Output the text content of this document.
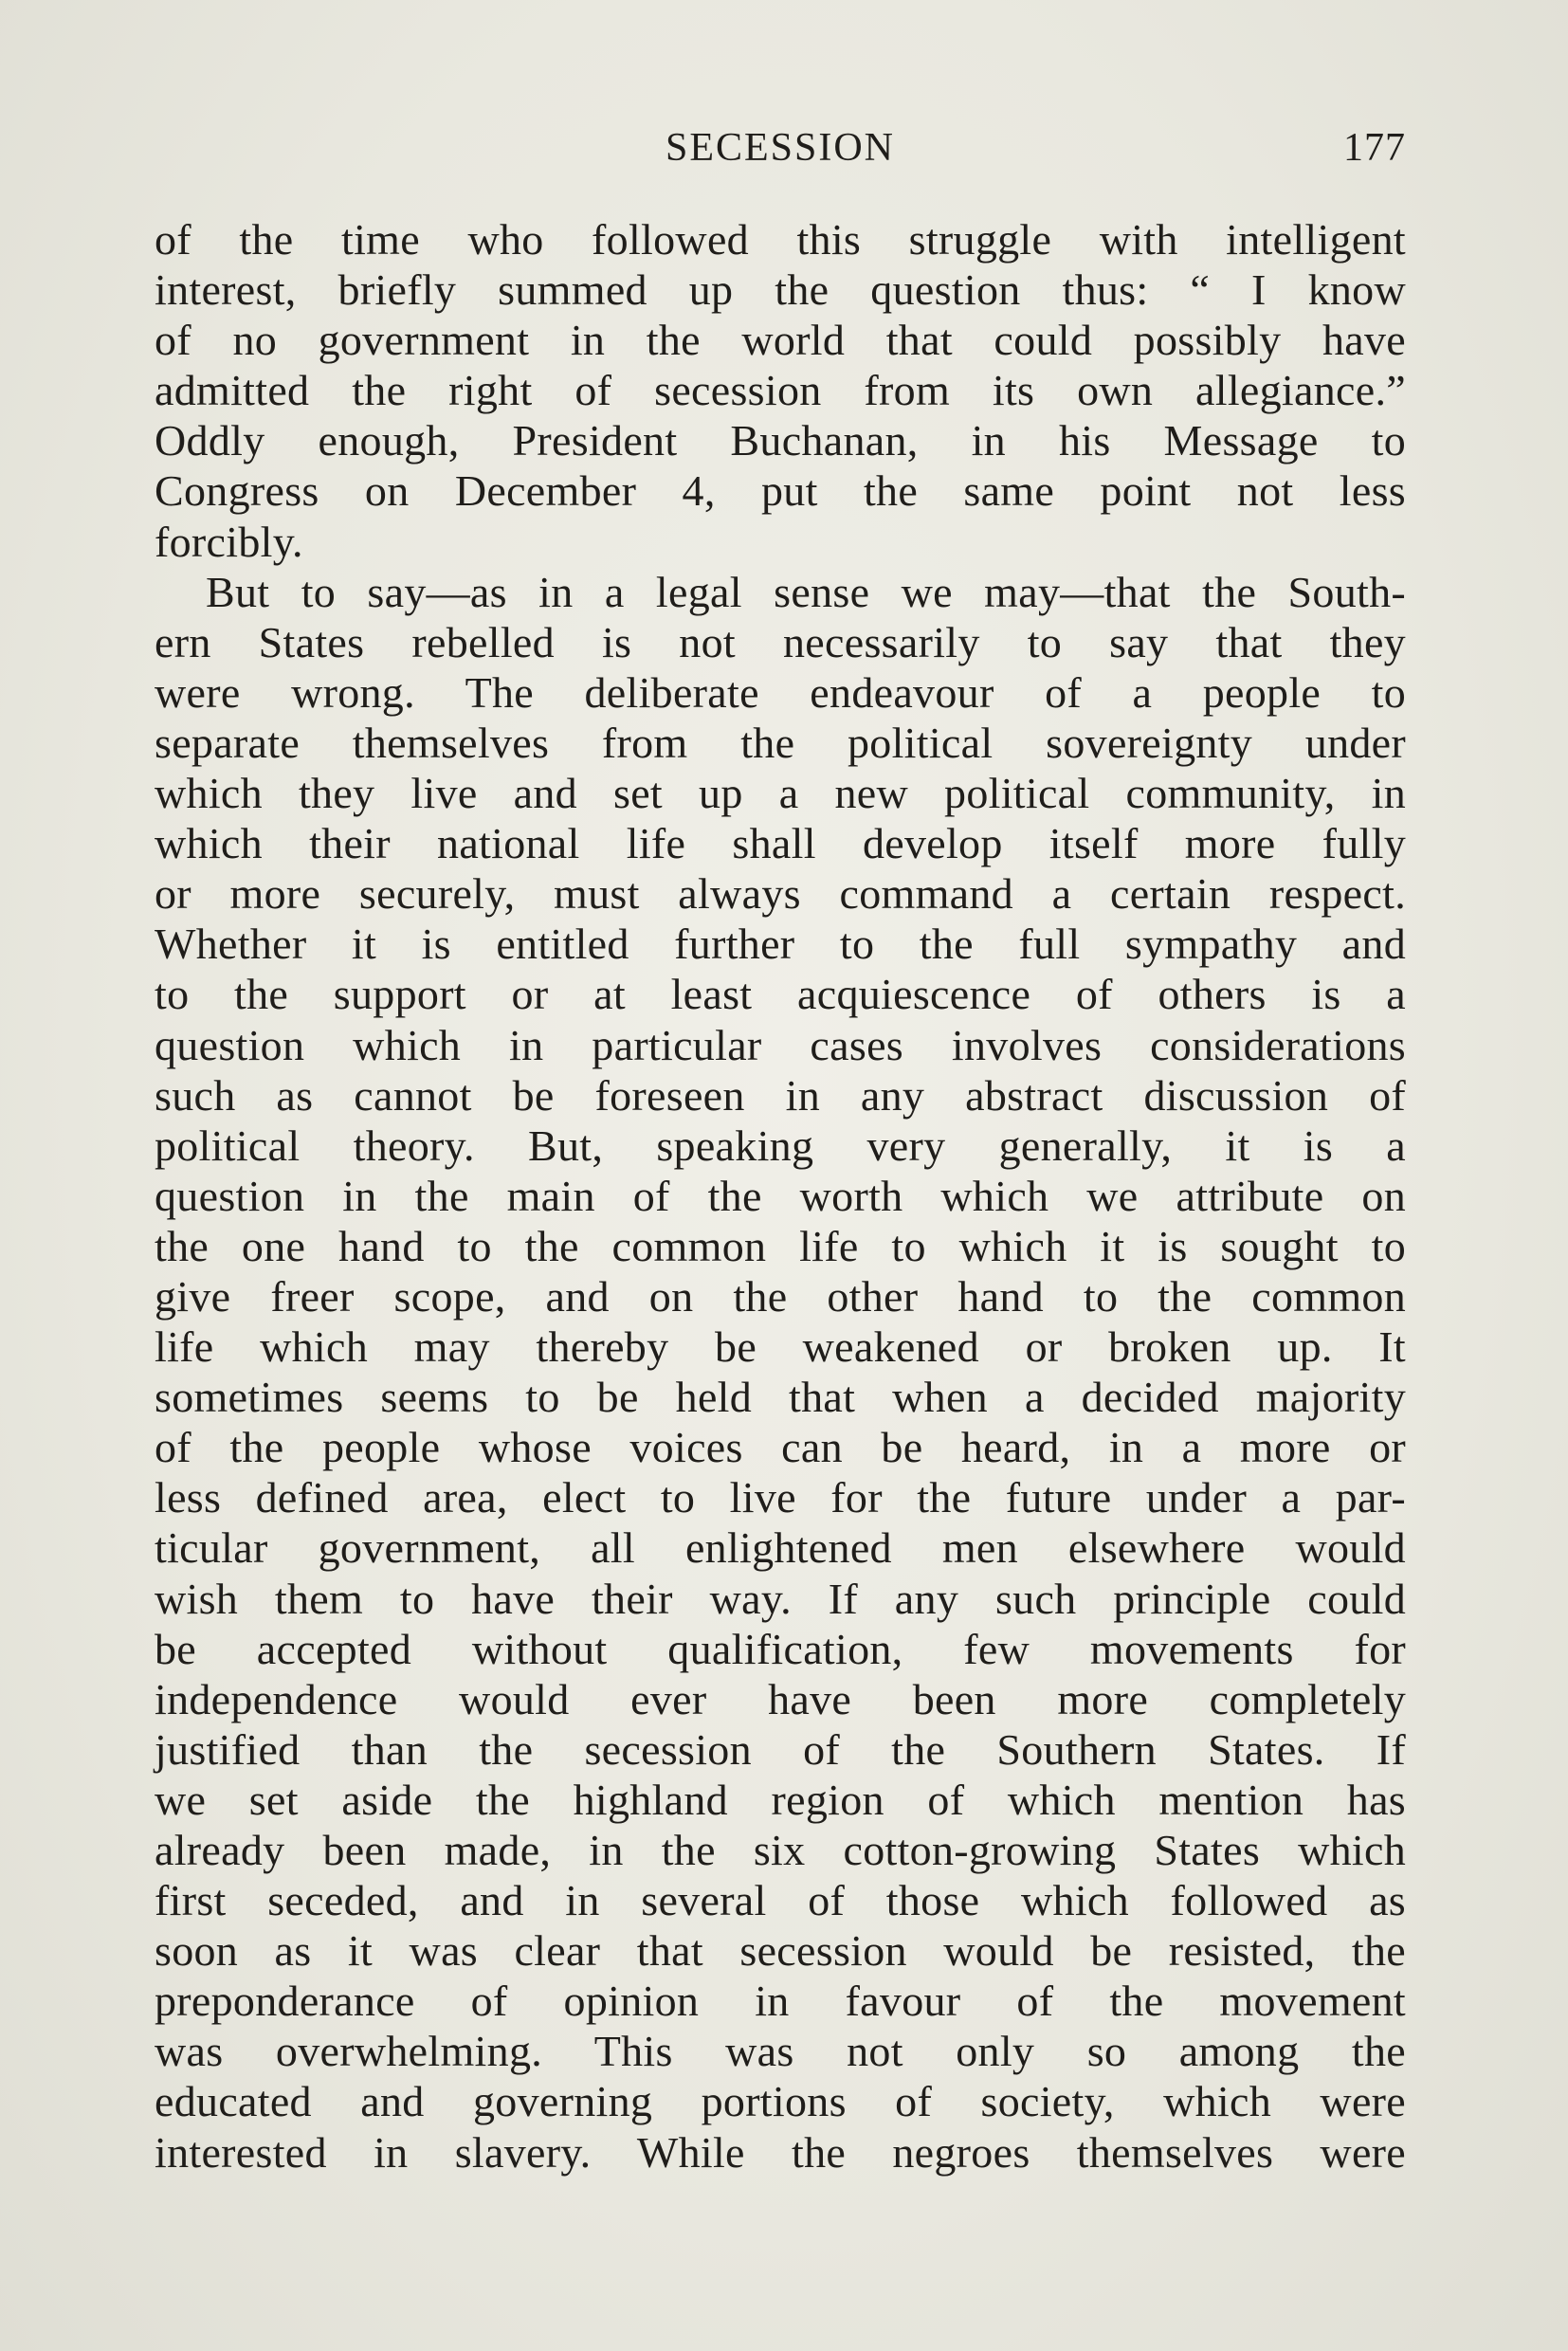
SECESSION	177
of the time who followed this struggle with intelligent
interest, briefly summed up the question thus: “ I know
of no government in the world that could possibly have
admitted the right of secession from its own allegiance.”
Oddly enough, President Buchanan, in his Message to
Congress on December 4, put the same point not less
forcibly.
But to say—as in a legal sense we may—that the South-
ern States rebelled is not necessarily to say that they
were wrong. The deliberate endeavour of a people to
separate themselves from the political sovereignty under
which they live and set up a new political community, in
which their national life shall develop itself more fully
or more securely, must always command a certain respect.
Whether it is entitled further to the full sympathy and
to the support or at least acquiescence of others is a
question which in particular cases involves considerations
such as cannot be foreseen in any abstract discussion of
political theory. But, speaking very generally, it is a
question in the main of the worth which we attribute on
the one hand to the common life to which it is sought to
give freer scope, and on the other hand to the common
life which may thereby be weakened or broken up. It
sometimes seems to be held that when a decided majority
of the people whose voices can be heard, in a more or
less defined area, elect to live for the future under a par-
ticular government, all enlightened men elsewhere would
wish them to have their way. If any such principle could
be accepted without qualification, few movements for
independence would ever have been more completely
justified than the secession of the Southern States. If
we set aside the highland region of which mention has
already been made, in the six cotton-growing States which
first seceded, and in several of those which followed as
soon as it was clear that secession would be resisted, the
preponderance of opinion in favour of the movement
was overwhelming. This was not only so among the
educated and governing portions of society, which were
interested in slavery. While the negroes themselves were
